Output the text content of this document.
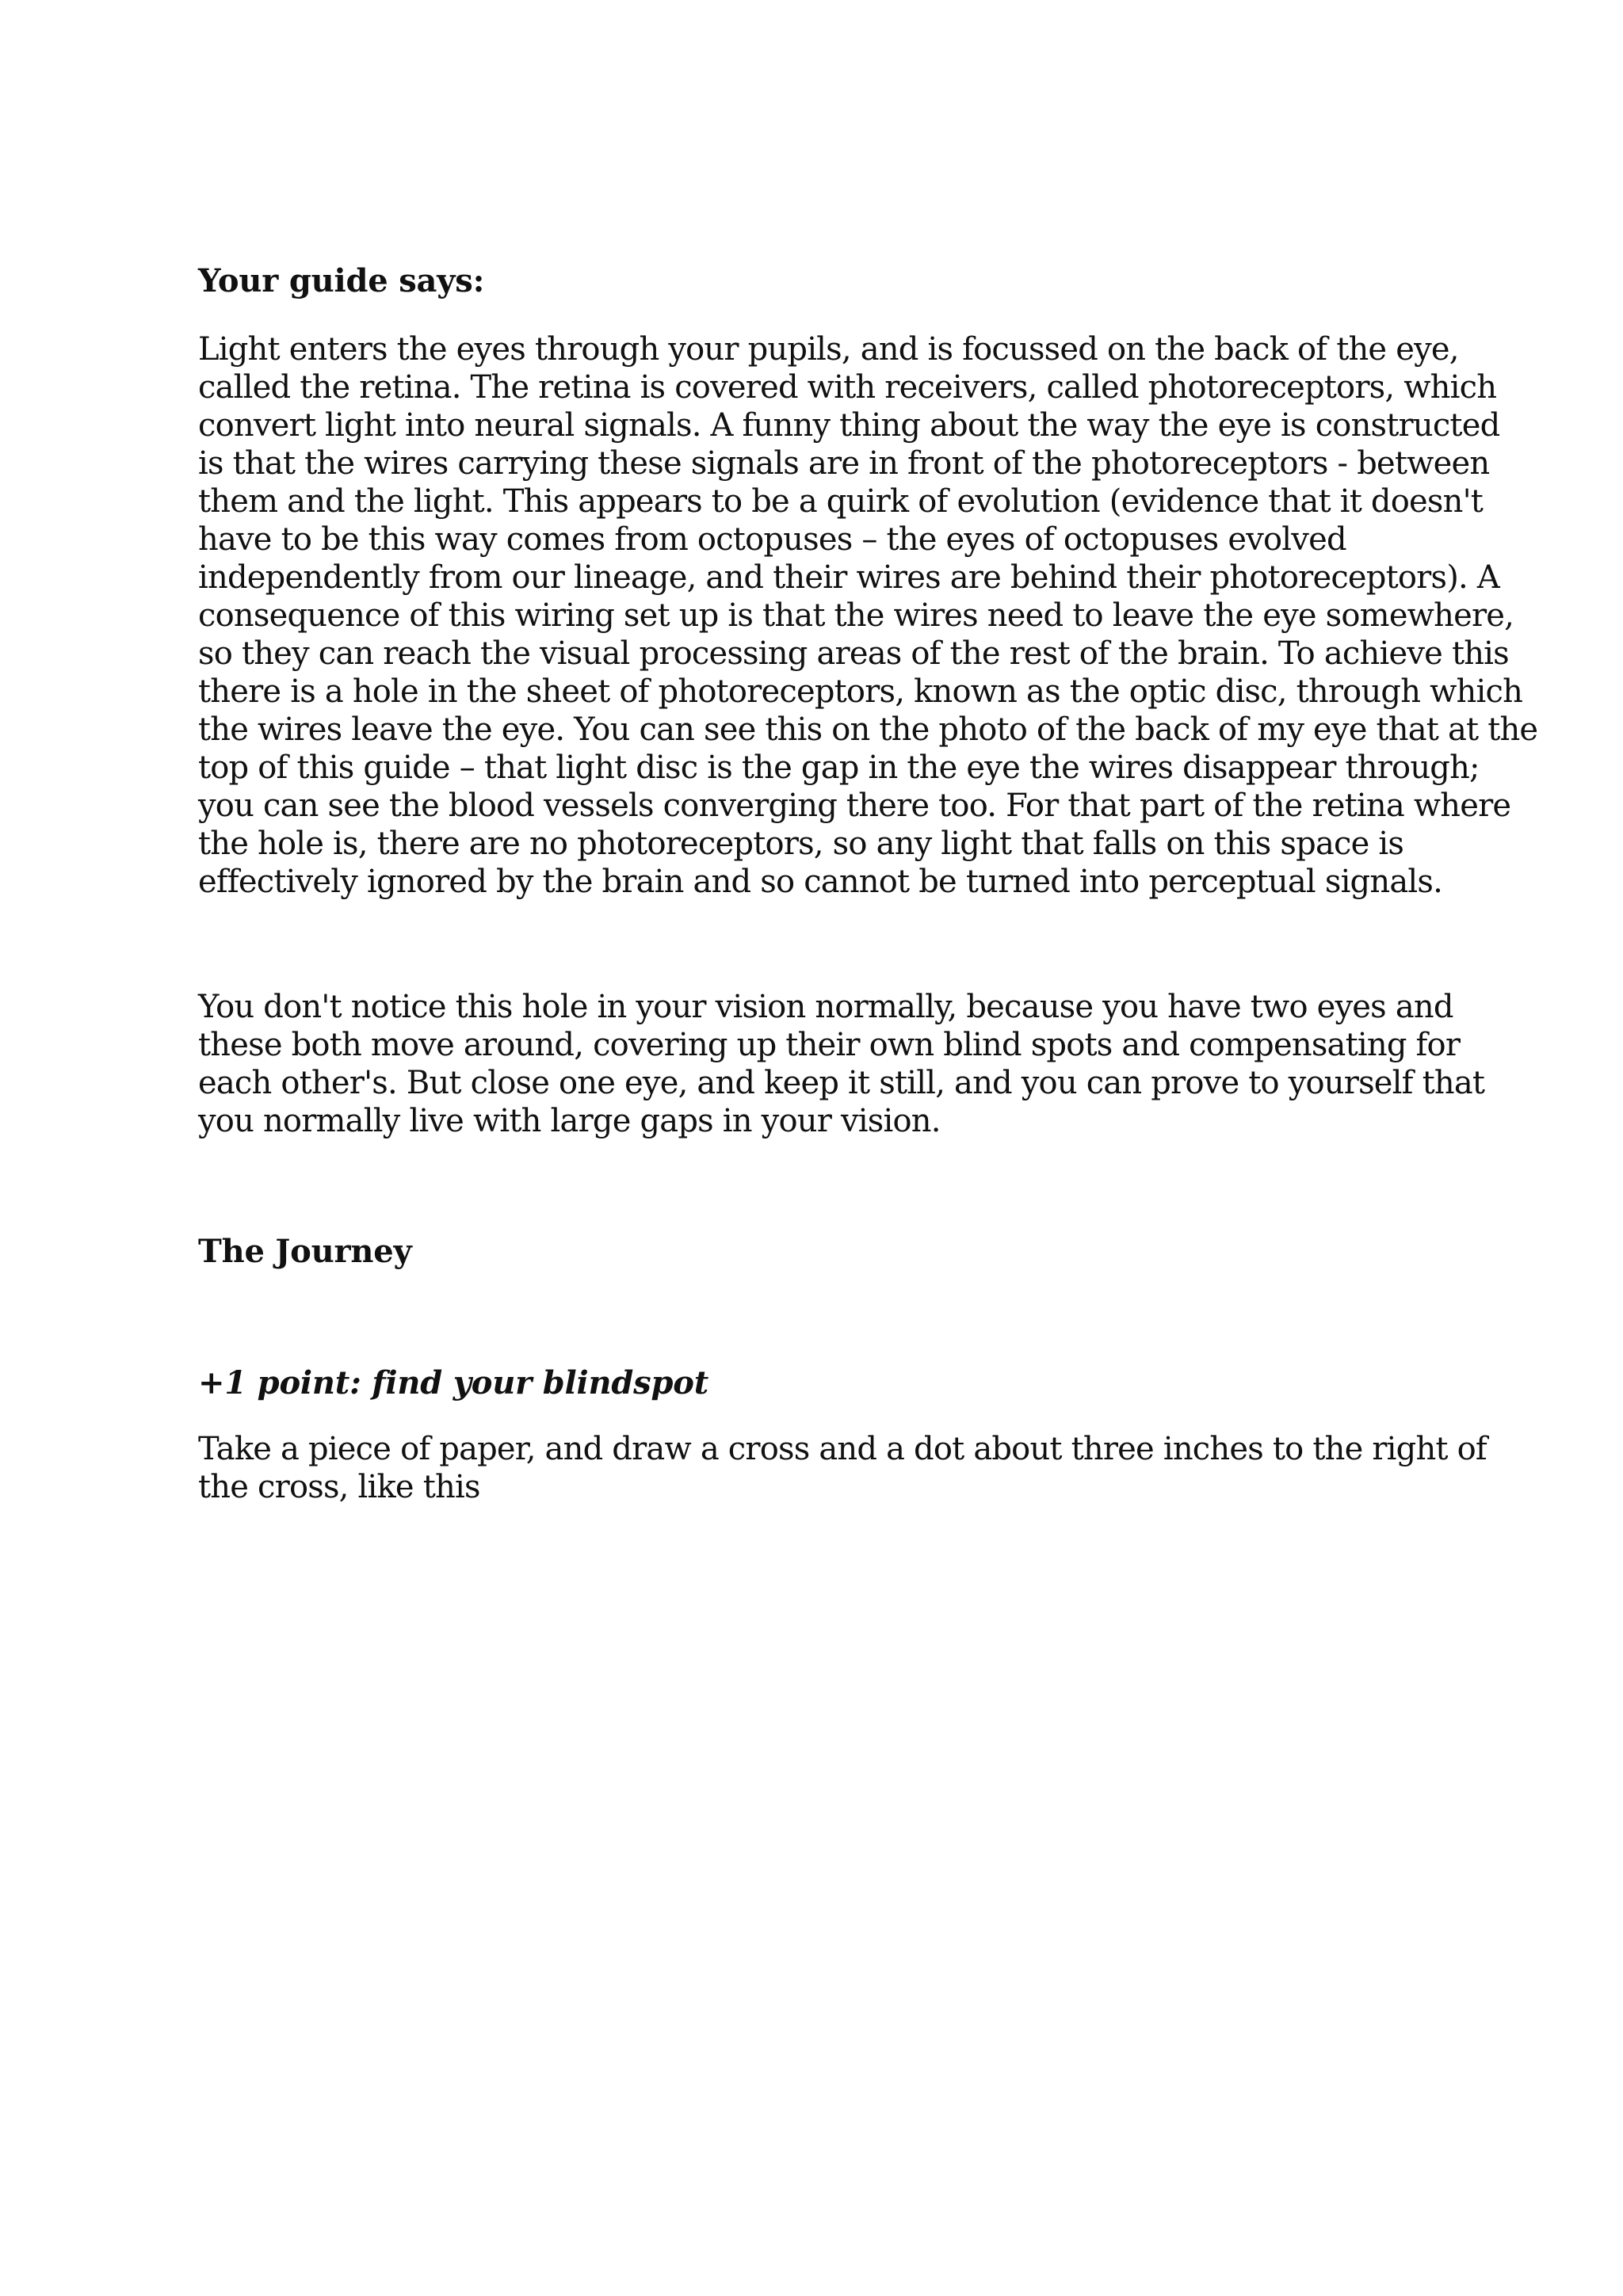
Your guide says:
Light enters the eyes through your pupils, and is focussed on the back of the eye,
called the retina. The retina is covered with receivers, called photoreceptors, which
convert light into neural signals. A funny thing about the way the eye is constructed
is that the wires carrying these signals are in front of the photoreceptors - between
them and the light. This appears to be a quirk of evolution (evidence that it doesn't
have to be this way comes from octopuses – the eyes of octopuses evolved
independently from our lineage, and their wires are behind their photoreceptors). A
consequence of this wiring set up is that the wires need to leave the eye somewhere,
so they can reach the visual processing areas of the rest of the brain. To achieve this
there is a hole in the sheet of photoreceptors, known as the optic disc, through which
the wires leave the eye. You can see this on the photo of the back of my eye that at the
top of this guide – that light disc is the gap in the eye the wires disappear through;
you can see the blood vessels converging there too. For that part of the retina where
the hole is, there are no photoreceptors, so any light that falls on this space is
effectively ignored by the brain and so cannot be turned into perceptual signals.
You don't notice this hole in your vision normally, because you have two eyes and
these both move around, covering up their own blind spots and compensating for
each other's. But close one eye, and keep it still, and you can prove to yourself that
you normally live with large gaps in your vision.
The Journey
+1 point: find your blindspot
Take a piece of paper, and draw a cross and a dot about three inches to the right of
the cross, like this
